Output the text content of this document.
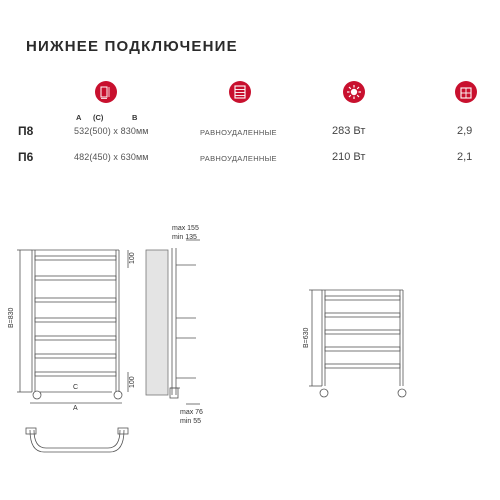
НИЖНЕЕ ПОДКЛЮЧЕНИЕ
А (С)	В
П8	532(500) х 830мм	РАВНОУДАЛЕННЫЕ	283 Вт	2,9
П6	482(450) х 630мм	РАВНОУДАЛЕННЫЕ	210 Вт	2,1
В=830
100
100
С
А
max 155
min 135
max 76
min 55
В=630
